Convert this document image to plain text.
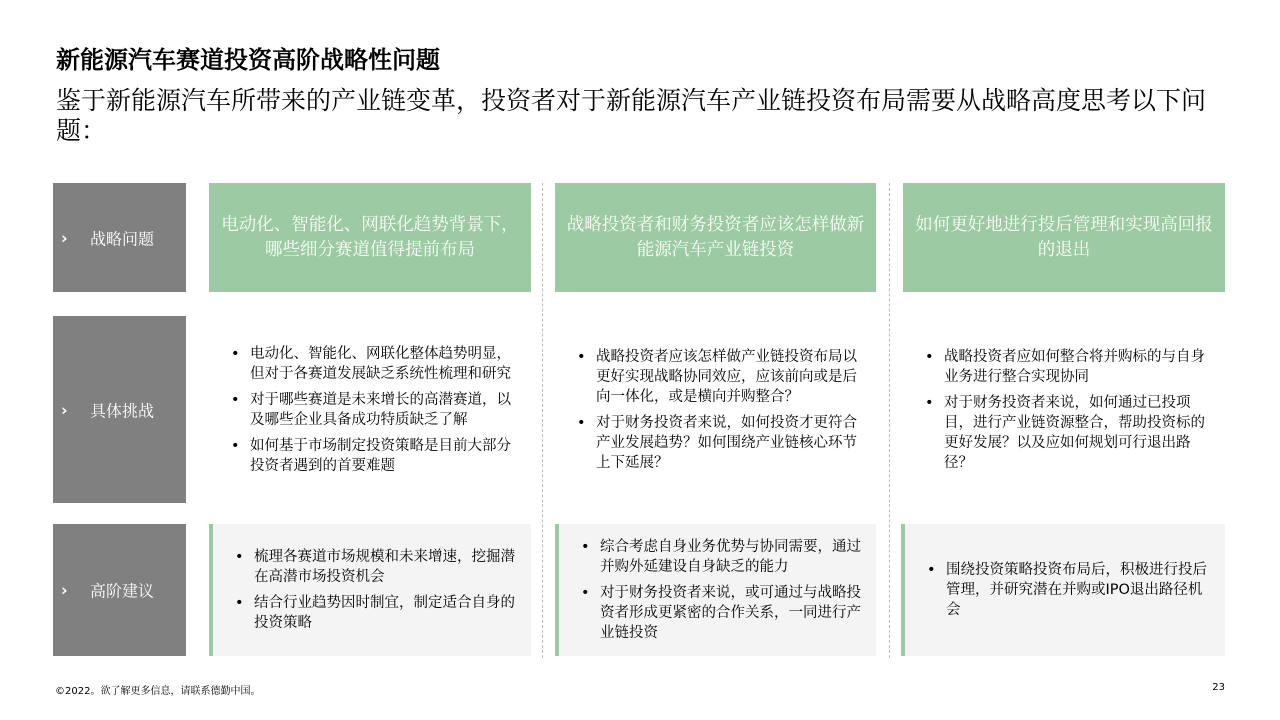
新能源汽车赛道投资高阶战略性问题
鉴于新能源汽车所带来的产业链变革，投资者对于新能源汽车产业链投资布局需要从战略高度思考以下问题：
› 战略问题
› 具体挑战
› 高阶建议
电动化、智能化、网联化趋势背景下，哪些细分赛道值得提前布局
战略投资者和财务投资者应该怎样做新能源汽车产业链投资
如何更好地进行投后管理和实现高回报的退出
• 电动化、智能化、网联化整体趋势明显，但对于各赛道发展缺乏系统性梳理和研究
• 对于哪些赛道是未来增长的高潜赛道，以及哪些企业具备成功特质缺乏了解
• 如何基于市场制定投资策略是目前大部分投资者遇到的首要难题
• 战略投资者应该怎样做产业链投资布局以更好实现战略协同效应，应该前向或是后向一体化，或是横向并购整合？
• 对于财务投资者来说，如何投资才更符合产业发展趋势？如何围绕产业链核心环节上下延展？
• 战略投资者应如何整合将并购标的与自身业务进行整合实现协同
• 对于财务投资者来说，如何通过已投项目，进行产业链资源整合，帮助投资标的更好发展？以及应如何规划可行退出路径？
• 梳理各赛道市场规模和未来增速，挖掘潜在高潜市场投资机会
• 结合行业趋势因时制宜，制定适合自身的投资策略
• 综合考虑自身业务优势与协同需要，通过并购外延建设自身缺乏的能力
• 对于财务投资者来说，或可通过与战略投资者形成更紧密的合作关系，一同进行产业链投资
• 围绕投资策略投资布局后，积极进行投后管理，并研究潜在并购或IPO退出路径机会
©2022。欲了解更多信息，请联系德勤中国。	23
